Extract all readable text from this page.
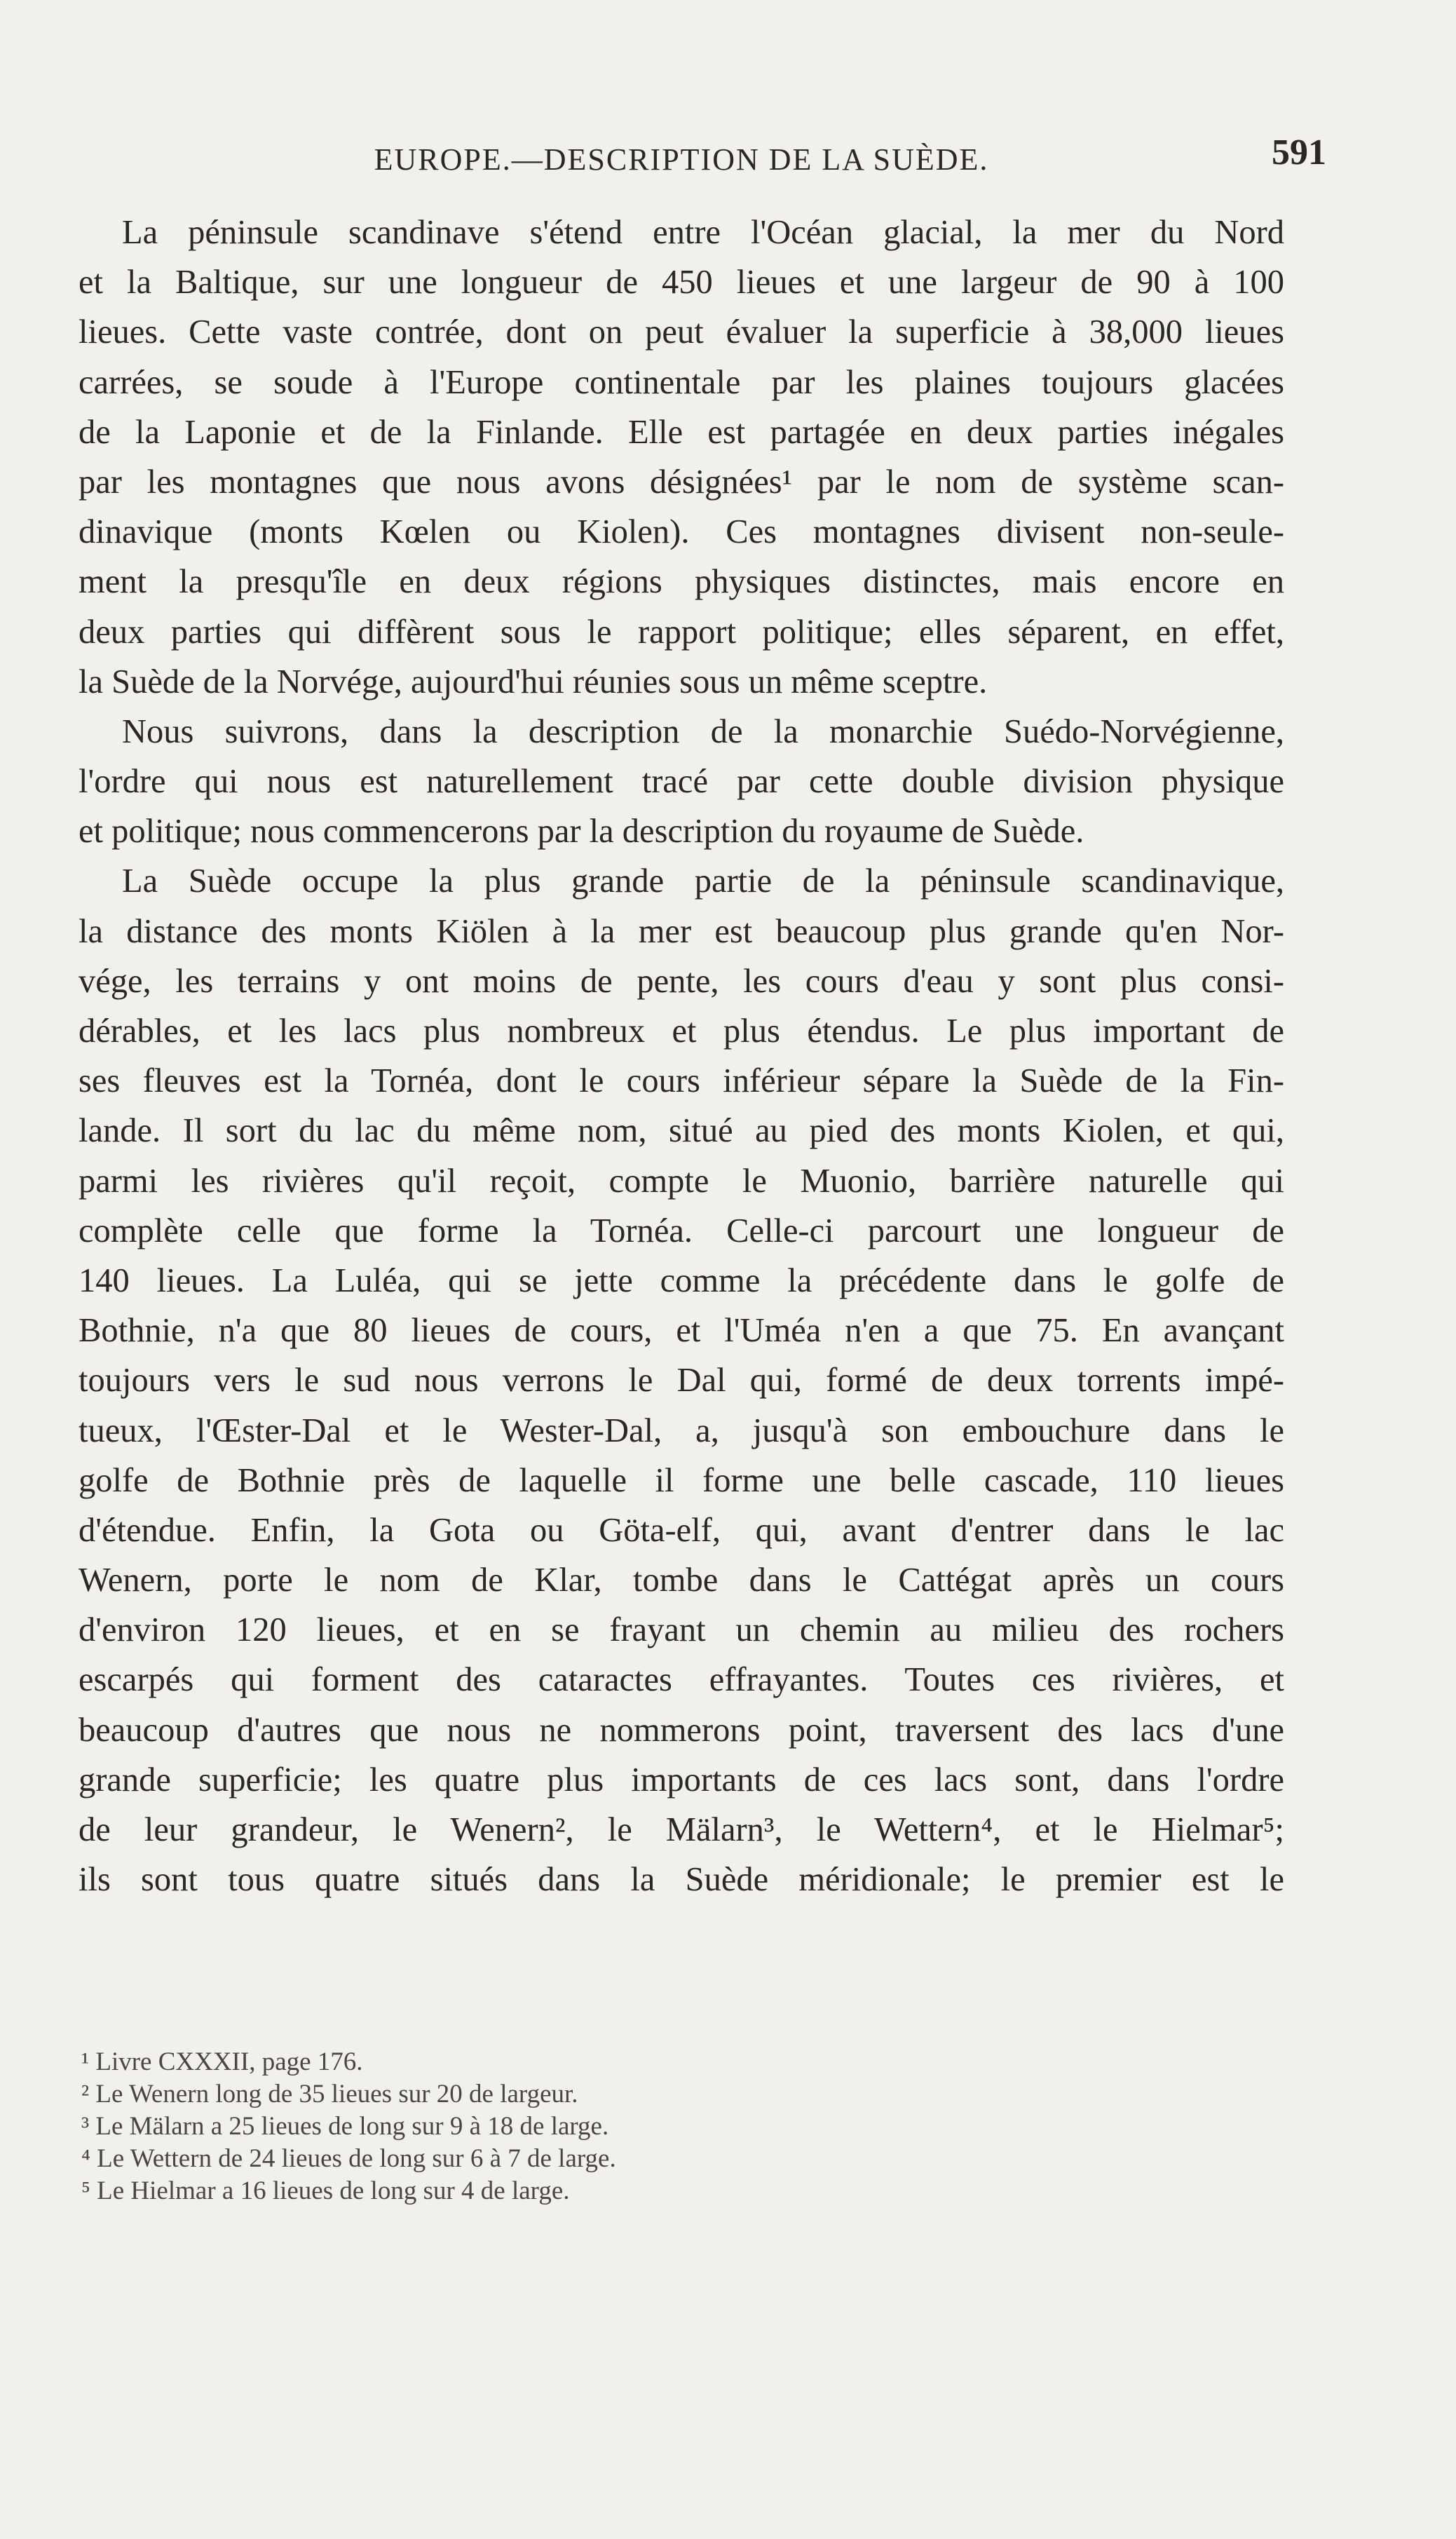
EUROPE.—DESCRIPTION DE LA SUÈDE.	591
La péninsule scandinave s'étend entre l'Océan glacial, la mer du Nord
et la Baltique, sur une longueur de 450 lieues et une largeur de 90 à 100
lieues. Cette vaste contrée, dont on peut évaluer la superficie à 38,000 lieues
carrées, se soude à l'Europe continentale par les plaines toujours glacées
de la Laponie et de la Finlande. Elle est partagée en deux parties inégales
par les montagnes que nous avons désignées¹ par le nom de système scan-
dinavique (monts Kœlen ou Kiolen). Ces montagnes divisent non-seule-
ment la presqu'île en deux régions physiques distinctes, mais encore en
deux parties qui diffèrent sous le rapport politique; elles séparent, en effet,
la Suède de la Norvége, aujourd'hui réunies sous un même sceptre.
Nous suivrons, dans la description de la monarchie Suédo-Norvégienne,
l'ordre qui nous est naturellement tracé par cette double division physique
et politique; nous commencerons par la description du royaume de Suède.
La Suède occupe la plus grande partie de la péninsule scandinavique,
la distance des monts Kiölen à la mer est beaucoup plus grande qu'en Nor-
vége, les terrains y ont moins de pente, les cours d'eau y sont plus consi-
dérables, et les lacs plus nombreux et plus étendus. Le plus important de
ses fleuves est la Tornéa, dont le cours inférieur sépare la Suède de la Fin-
lande. Il sort du lac du même nom, situé au pied des monts Kiolen, et qui,
parmi les rivières qu'il reçoit, compte le Muonio, barrière naturelle qui
complète celle que forme la Tornéa. Celle-ci parcourt une longueur de
140 lieues. La Luléa, qui se jette comme la précédente dans le golfe de
Bothnie, n'a que 80 lieues de cours, et l'Uméa n'en a que 75. En avançant
toujours vers le sud nous verrons le Dal qui, formé de deux torrents impé-
tueux, l'Œster-Dal et le Wester-Dal, a, jusqu'à son embouchure dans le
golfe de Bothnie près de laquelle il forme une belle cascade, 110 lieues
d'étendue. Enfin, la Gota ou Göta-elf, qui, avant d'entrer dans le lac
Wenern, porte le nom de Klar, tombe dans le Cattégat après un cours
d'environ 120 lieues, et en se frayant un chemin au milieu des rochers
escarpés qui forment des cataractes effrayantes. Toutes ces rivières, et
beaucoup d'autres que nous ne nommerons point, traversent des lacs d'une
grande superficie; les quatre plus importants de ces lacs sont, dans l'ordre
de leur grandeur, le Wenern², le Mälarn³, le Wettern⁴, et le Hielmar⁵;
ils sont tous quatre situés dans la Suède méridionale; le premier est le
¹ Livre CXXXII, page 176.
² Le Wenern long de 35 lieues sur 20 de largeur.
³ Le Mälarn a 25 lieues de long sur 9 à 18 de large.
⁴ Le Wettern de 24 lieues de long sur 6 à 7 de large.
⁵ Le Hielmar a 16 lieues de long sur 4 de large.
